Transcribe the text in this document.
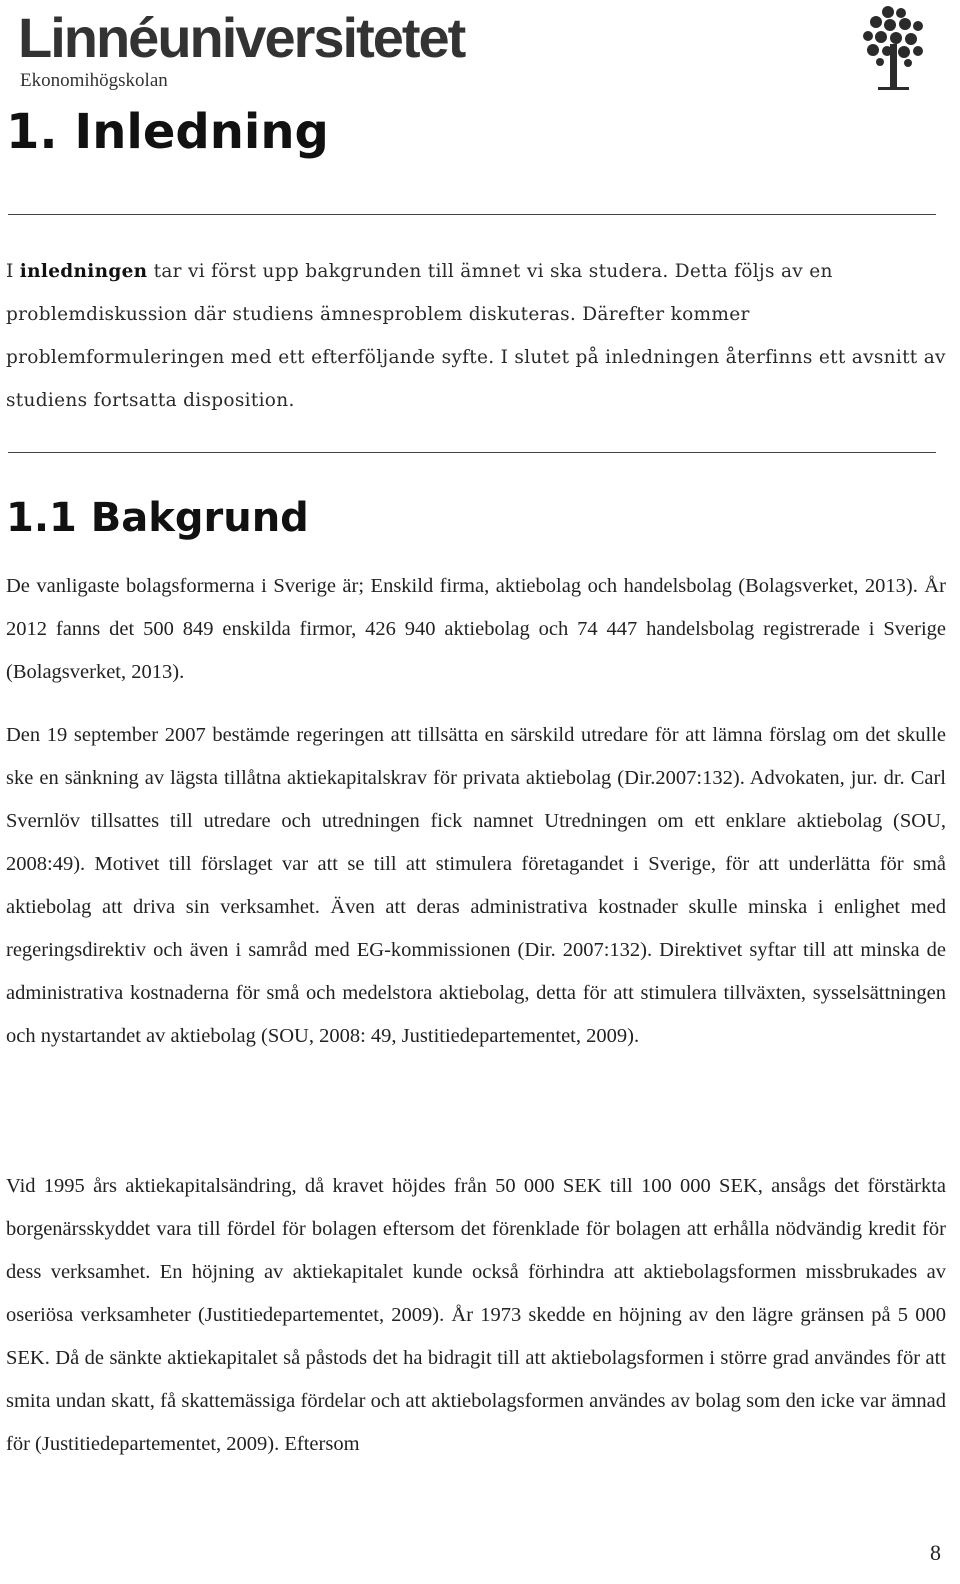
Linnéuniversitetet
Ekonomihögskolan
1. Inledning
I inledningen tar vi först upp bakgrunden till ämnet vi ska studera. Detta följs av en problemdiskussion där studiens ämnesproblem diskuteras. Därefter kommer problemformuleringen med ett efterföljande syfte. I slutet på inledningen återfinns ett avsnitt av studiens fortsatta disposition.
1.1 Bakgrund

De vanligaste bolagsformerna i Sverige är; Enskild firma, aktiebolag och handelsbolag (Bolagsverket, 2013). År 2012 fanns det 500 849 enskilda firmor, 426 940 aktiebolag och 74 447 handelsbolag registrerade i Sverige (Bolagsverket, 2013).

Den 19 september 2007 bestämde regeringen att tillsätta en särskild utredare för att lämna förslag om det skulle ske en sänkning av lägsta tillåtna aktiekapitalskrav för privata aktiebolag (Dir.2007:132). Advokaten, jur. dr. Carl Svernlöv tillsattes till utredare och utredningen fick namnet Utredningen om ett enklare aktiebolag (SOU, 2008:49). Motivet till förslaget var att se till att stimulera företagandet i Sverige, för att underlätta för små aktiebolag att driva sin verksamhet. Även att deras administrativa kostnader skulle minska i enlighet med regeringsdirektiv och även i samråd med EG-kommissionen (Dir. 2007:132). Direktivet syftar till att minska de administrativa kostnaderna för små och medelstora aktiebolag, detta för att stimulera tillväxten, sysselsättningen och nystartandet av aktiebolag (SOU, 2008: 49, Justitiedepartementet, 2009).

Vid 1995 års aktiekapitalsändring, då kravet höjdes från 50 000 SEK till 100 000 SEK, ansågs det förstärkta borgenärsskyddet vara till fördel för bolagen eftersom det förenklade för bolagen att erhålla nödvändig kredit för dess verksamhet. En höjning av aktiekapitalet kunde också förhindra att aktiebolagsformen missbrukades av oseriösa verksamheter (Justitiedepartementet, 2009). År 1973 skedde en höjning av den lägre gränsen på 5 000 SEK. Då de sänkte aktiekapitalet så påstods det ha bidragit till att aktiebolagsformen i större grad användes för att smita undan skatt, få skattemässiga fördelar och att aktiebolagsformen användes av bolag som den icke var ämnad för (Justitiedepartementet, 2009). Eftersom

8
